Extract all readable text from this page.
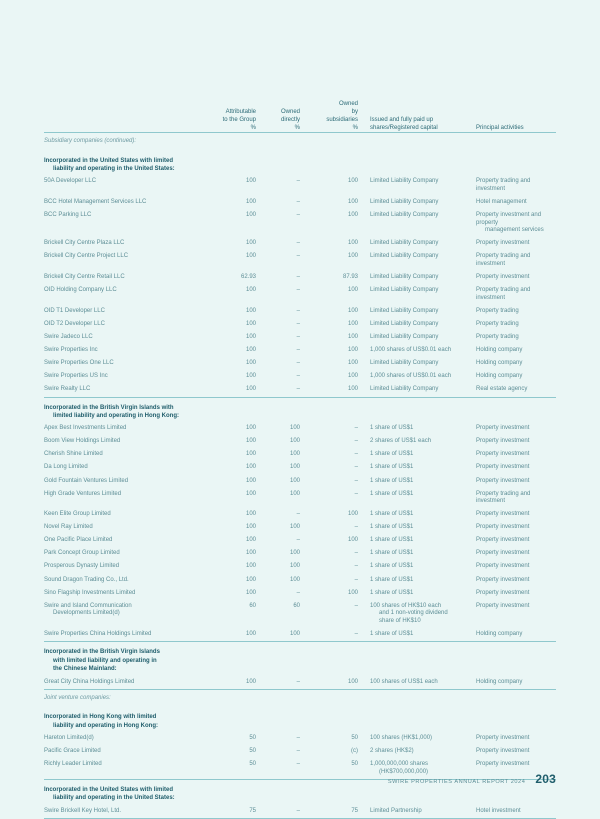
	Attributable
to the Group
%	Owned
directly
%	Owned
by
subsidiaries
%	Issued and fully paid up
shares/Registered capital	Principal activities

Subsidiary companies (continued):					
Incorporated in the United States with limited
liability and operating in the United States:					

50A Developer LLC	100	–	100	Limited Liability Company	Property trading and investment
BCC Hotel Management Services LLC	100	–	100	Limited Liability Company	Hotel management
BCC Parking LLC	100	–	100	Limited Liability Company	Property investment and property
management services

Brickell City Centre Plaza LLC	100	–	100	Limited Liability Company	Property investment
Brickell City Centre Project LLC	100	–	100	Limited Liability Company	Property trading and investment
Brickell City Centre Retail LLC	62.93	–	87.93	Limited Liability Company	Property investment
OID Holding Company LLC	100	–	100	Limited Liability Company	Property trading and investment
OID T1 Developer LLC	100	–	100	Limited Liability Company	Property trading
OID T2 Developer LLC	100	–	100	Limited Liability Company	Property trading
Swire Jadeco LLC	100	–	100	Limited Liability Company	Property trading
Swire Properties Inc	100	–	100	1,000 shares of US$0.01 each	Holding company
Swire Properties One LLC	100	–	100	Limited Liability Company	Holding company
Swire Properties US Inc	100	–	100	1,000 shares of US$0.01 each	Holding company
Swire Realty LLC	100	–	100	Limited Liability Company	Real estate agency

Incorporated in the British Virgin Islands with
limited liability and operating in Hong Kong:					

Apex Best Investments Limited	100	100	–	1 share of US$1	Property investment
Boom View Holdings Limited	100	100	–	2 shares of US$1 each	Property investment
Cherish Shine Limited	100	100	–	1 share of US$1	Property investment
Da Long Limited	100	100	–	1 share of US$1	Property investment
Gold Fountain Ventures Limited	100	100	–	1 share of US$1	Property investment
High Grade Ventures Limited	100	100	–	1 share of US$1	Property trading and investment
Keen Elite Group Limited	100	–	100	1 share of US$1	Property investment
Novel Ray Limited	100	100	–	1 share of US$1	Property investment
One Pacific Place Limited	100	–	100	1 share of US$1	Property investment
Park Concept Group Limited	100	100	–	1 share of US$1	Property investment
Prosperous Dynasty Limited	100	100	–	1 share of US$1	Property investment
Sound Dragon Trading Co., Ltd.	100	100	–	1 share of US$1	Property investment
Sino Flagship Investments Limited	100	–	100	1 share of US$1	Property investment
Swire and Island Communication
Developments Limited(d)	60	60	–	100 shares of HK$10 each
and 1 non-voting dividend
share of HK$10	Property investment
Swire Properties China Holdings Limited	100	100	–	1 share of US$1	Holding company

Incorporated in the British Virgin Islands
with limited liability and operating in
the Chinese Mainland:					

Great City China Holdings Limited	100	–	100	100 shares of US$1 each	Holding company

Joint venture companies:					
Incorporated in Hong Kong with limited
liability and operating in Hong Kong:					

Hareton Limited(d)	50	–	50	100 shares (HK$1,000)	Property investment
Pacific Grace Limited	50	–	(c)	2 shares (HK$2)	Property investment
Richly Leader Limited	50	–	50	1,000,000,000 shares
(HK$700,000,000)	Property investment

Incorporated in the United States with limited
liability and operating in the United States:					

Swire Brickell Key Hotel, Ltd.	75	–	75	Limited Partnership	Hotel investment

SWIRE PROPERTIES ANNUAL REPORT 2024 203
